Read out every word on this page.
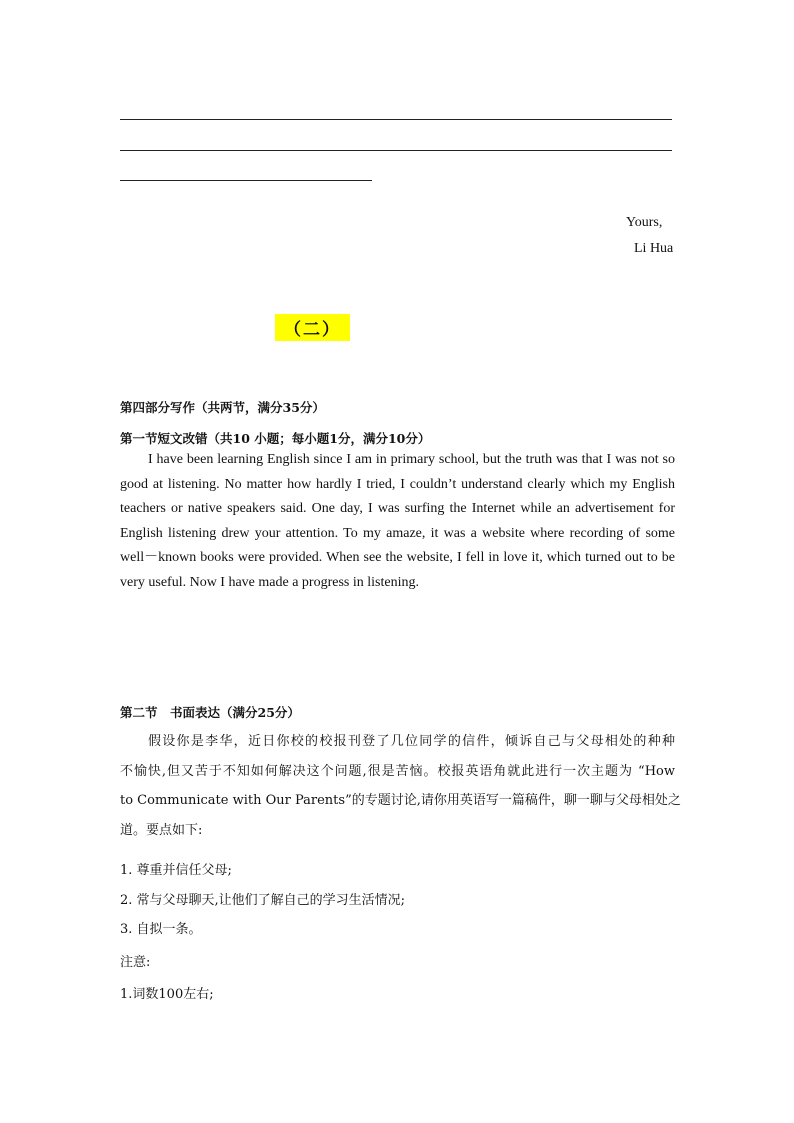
Yours,
Li Hua
（二）
第四部分写作（共两节，满分35分）
第一节短文改错（共10 小题；每小题1分，满分10分）
I have been learning English since I am in primary school, but the truth was that I was not so
good at listening. No matter how hardly I tried, I couldn’t understand clearly which my English
teachers or native speakers said. One day, I was surfing the Internet while an advertisement for
English listening drew your attention. To my amaze, it was a website where recording of some
well－known books were provided. When see the website, I fell in love it, which turned out to be
very useful. Now I have made a progress in listening.
第二节　书面表达（满分25分）
假设你是李华，近日你校的校报刊登了几位同学的信件，倾诉自己与父母相处的种种
不愉快,但又苦于不知如何解决这个问题,很是苦恼。校报英语角就此进行一次主题为 “How
to Communicate with Our Parents”的专题讨论,请你用英语写一篇稿件，聊一聊与父母相处之
道。要点如下:
1. 尊重并信任父母;
2. 常与父母聊天,让他们了解自己的学习生活情况;
3. 自拟一条。
注意:
1.词数100左右;
